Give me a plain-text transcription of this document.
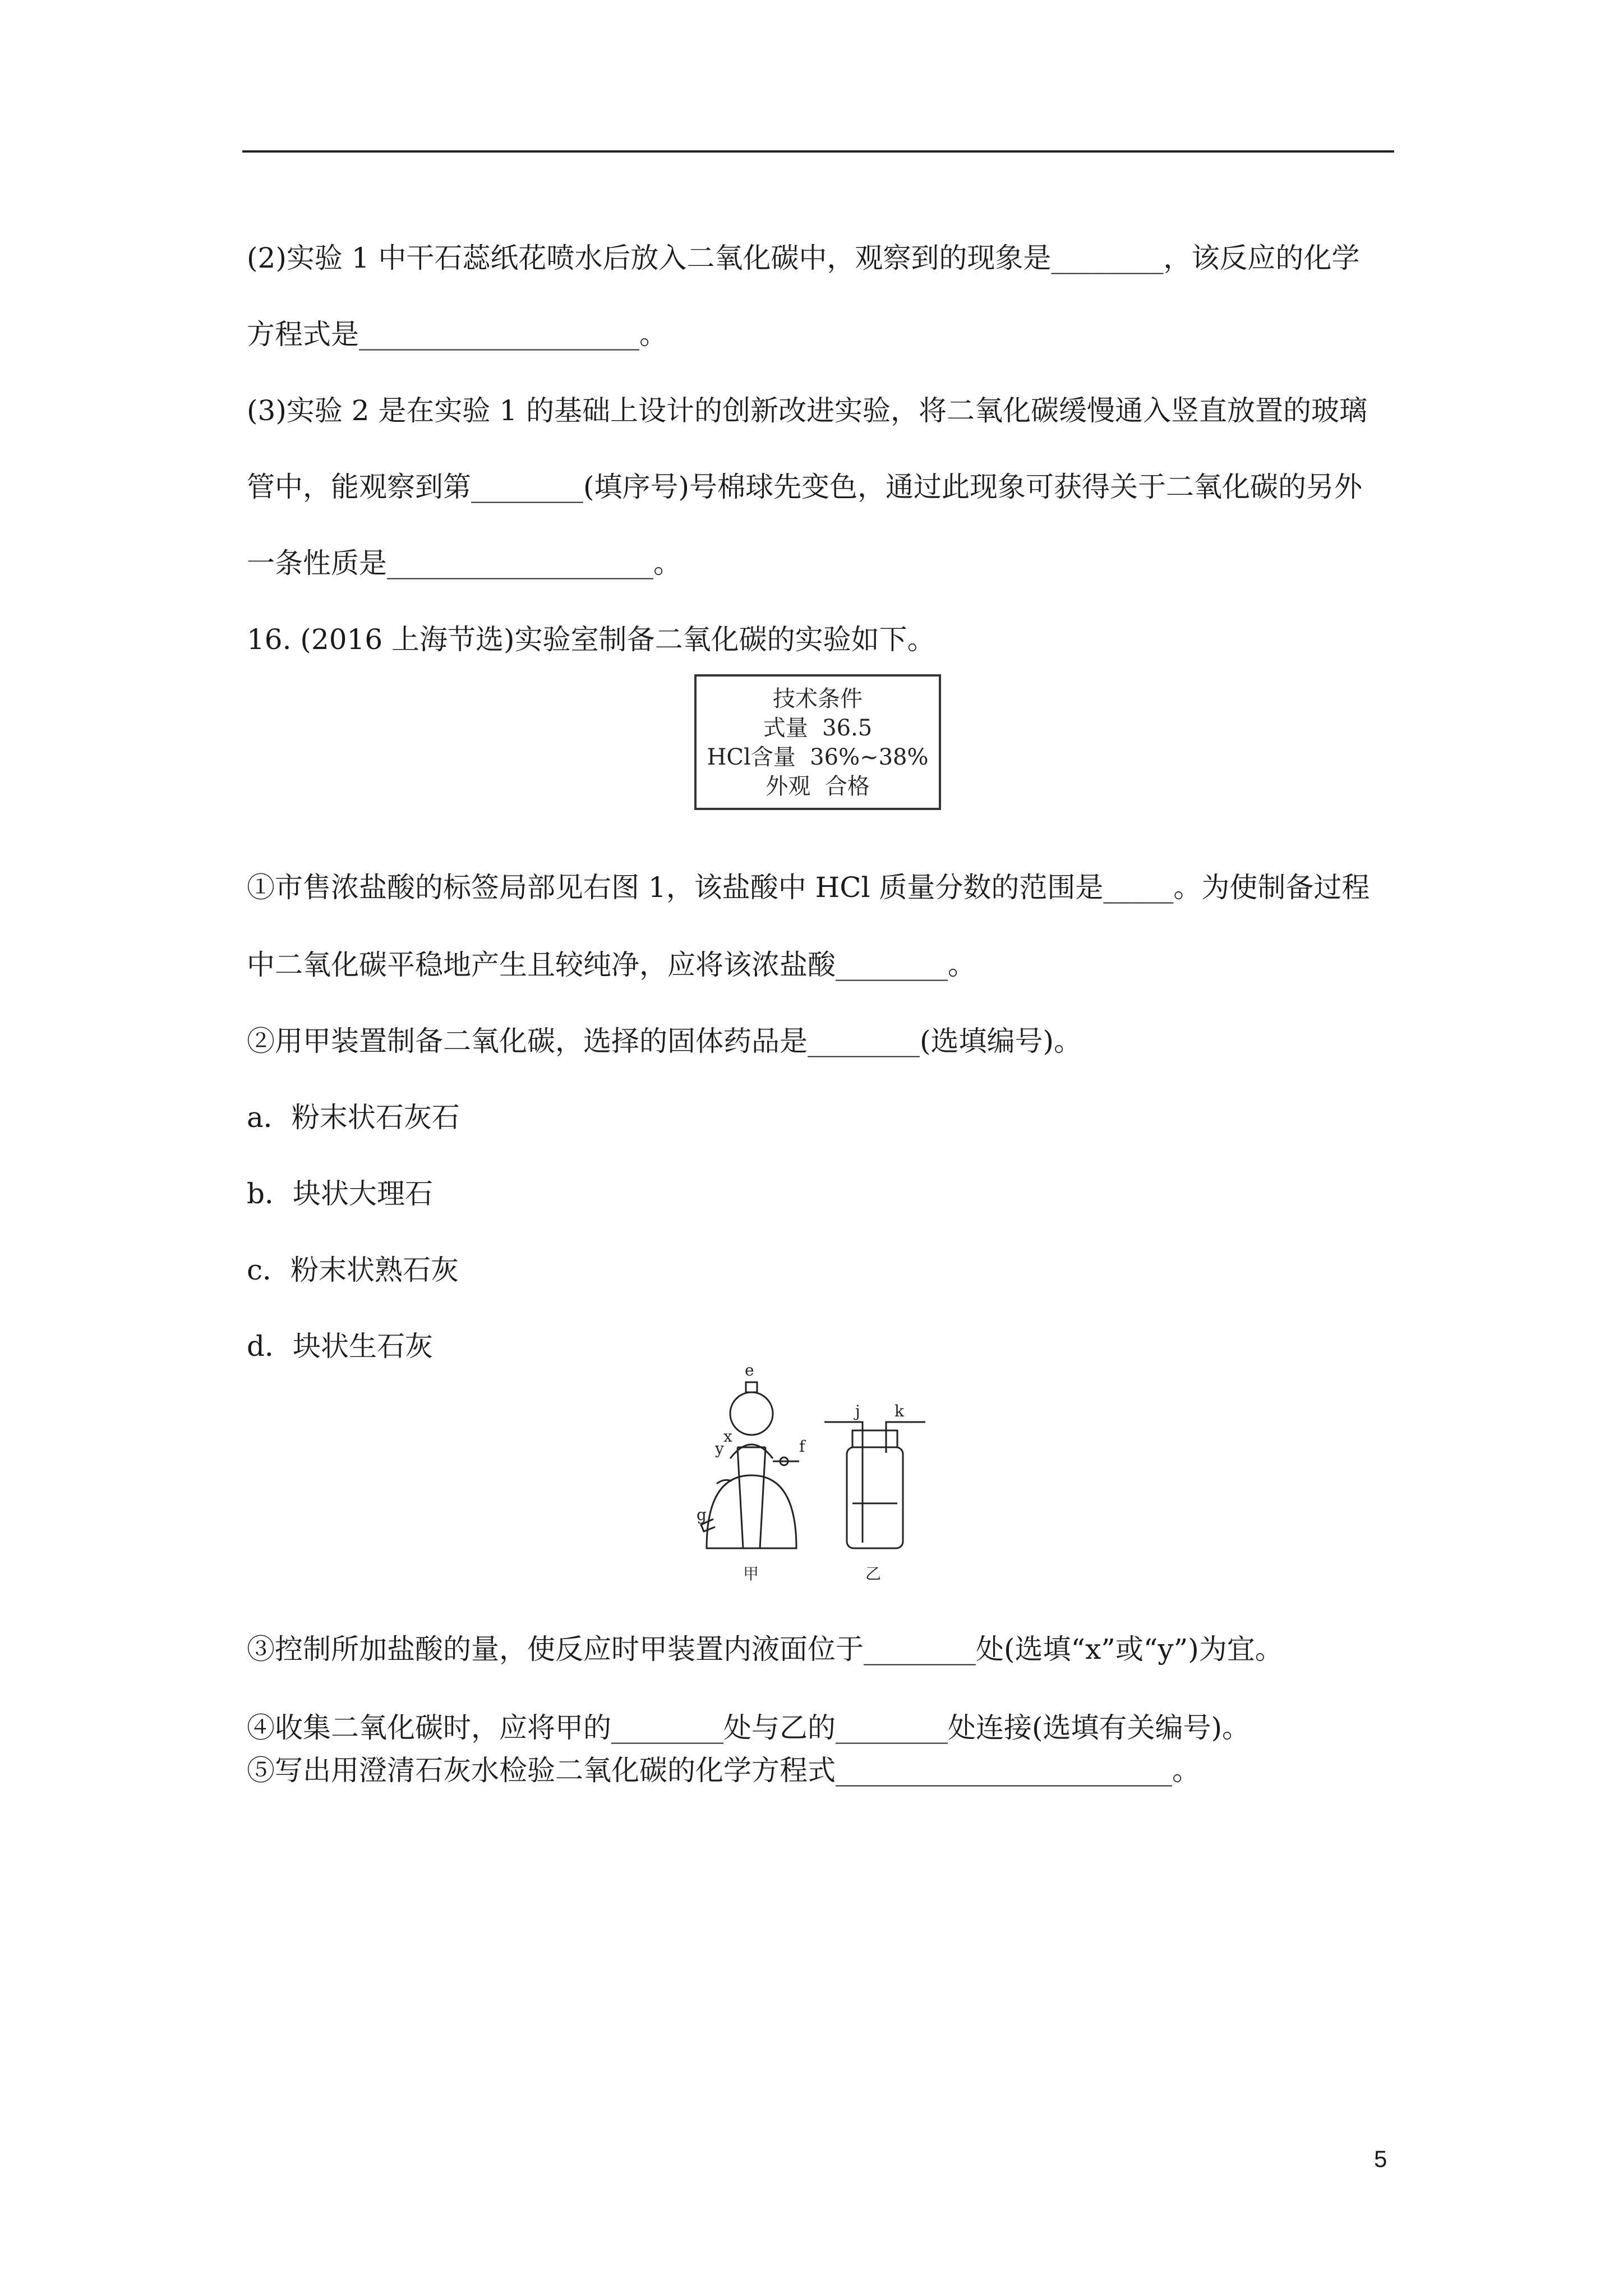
(2)实验 1 中干石蕊纸花喷水后放入二氧化碳中，观察到的现象是________，该反应的化学
方程式是____________________。
(3)实验 2 是在实验 1 的基础上设计的创新改进实验，将二氧化碳缓慢通入竖直放置的玻璃
管中，能观察到第________(填序号)号棉球先变色，通过此现象可获得关于二氧化碳的另外
一条性质是___________________。
16. (2016 上海节选)实验室制备二氧化碳的实验如下。
技术条件
式量  36.5
HCl含量  36%~38%
外观  合格
①市售浓盐酸的标签局部见右图 1，该盐酸中 HCl 质量分数的范围是_____。为使制备过程
中二氧化碳平稳地产生且较纯净，应将该浓盐酸________。
②用甲装置制备二氧化碳，选择的固体药品是________(选填编号)。
a．粉末状石灰石
b．块状大理石
c．粉末状熟石灰
d．块状生石灰
e
x
y	f
g
j k
甲	乙
③控制所加盐酸的量，使反应时甲装置内液面位于________处(选填“x”或“y”)为宜。
④收集二氧化碳时，应将甲的________处与乙的________处连接(选填有关编号)。
⑤写出用澄清石灰水检验二氧化碳的化学方程式________________________。
5
